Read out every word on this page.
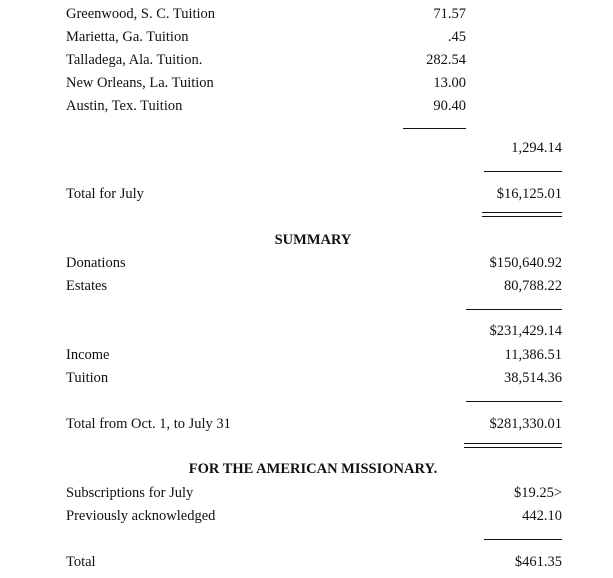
Greenwood, S. C. Tuition	71.57
Marietta, Ga. Tuition	.45
Talladega, Ala. Tuition.	282.54
New Orleans, La. Tuition	13.00
Austin, Tex. Tuition	90.40
1,294.14
Total for July	$16,125.01
SUMMARY
Donations	$150,640.92
Estates	80,788.22
$231,429.14
Income	11,386.51
Tuition	38,514.36
Total from Oct. 1, to July 31	$281,330.01
FOR THE AMERICAN MISSIONARY.
Subscriptions for July	$19.25>
Previously acknowledged	442.10
Total	$461.35
